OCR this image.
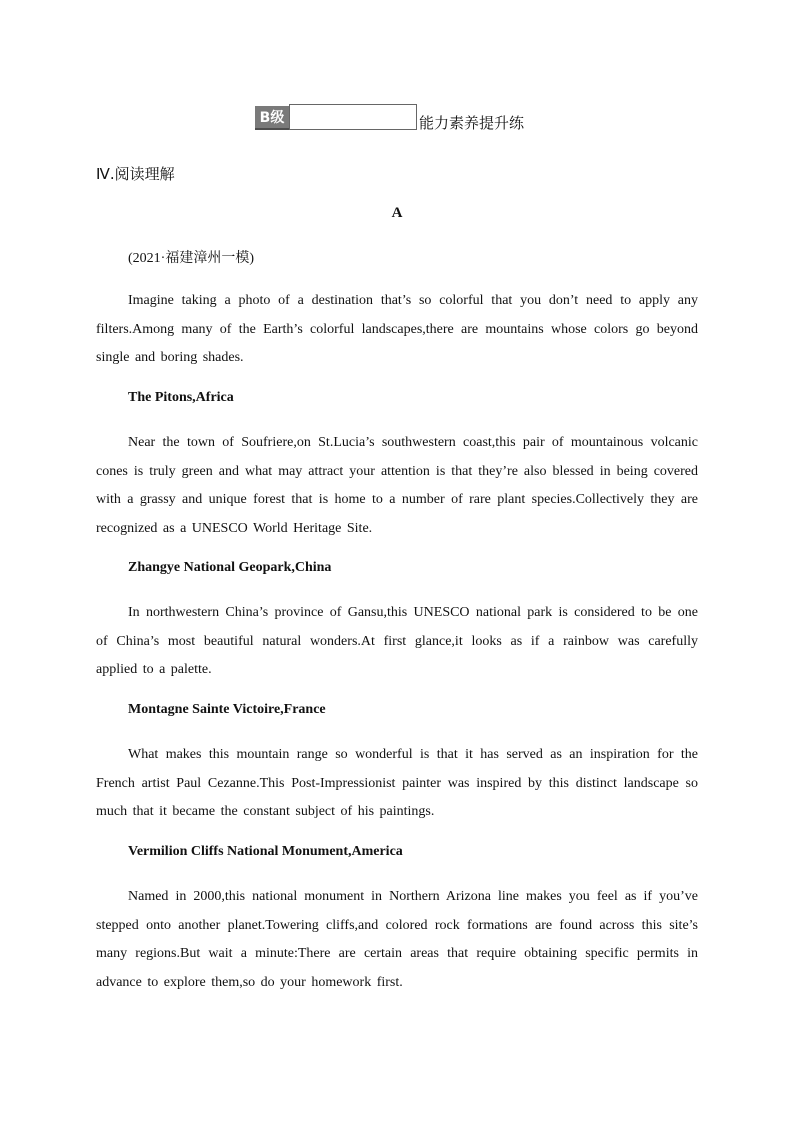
B级	能力素养提升练
Ⅳ.阅读理解
A
(2021·福建漳州一模)

Imagine taking a photo of a destination that’s so colorful that you don’t need to apply any filters.Among many of the Earth’s colorful landscapes,there are mountains whose colors go beyond single and boring shades.

The Pitons,Africa

Near the town of Soufriere,on St.Lucia’s southwestern coast,this pair of mountainous volcanic cones is truly green and what may attract your attention is that they’re also blessed in being covered with a grassy and unique forest that is home to a number of rare plant species.Collectively they are recognized as a UNESCO World Heritage Site.

Zhangye National Geopark,China

In northwestern China’s province of Gansu,this UNESCO national park is considered to be one of China’s most beautiful natural wonders.At first glance,it looks as if a rainbow was carefully applied to a palette.

Montagne Sainte Victoire,France

What makes this mountain range so wonderful is that it has served as an inspiration for the French artist Paul Cezanne.This Post-Impressionist painter was inspired by this distinct landscape so much that it became the constant subject of his paintings.

Vermilion Cliffs National Monument,America

Named in 2000,this national monument in Northern Arizona line makes you feel as if you’ve stepped onto another planet.Towering cliffs,and colored rock formations are found across this site’s many regions.But wait a minute:There are certain areas that require obtaining specific permits in advance to explore them,so do your homework first.
